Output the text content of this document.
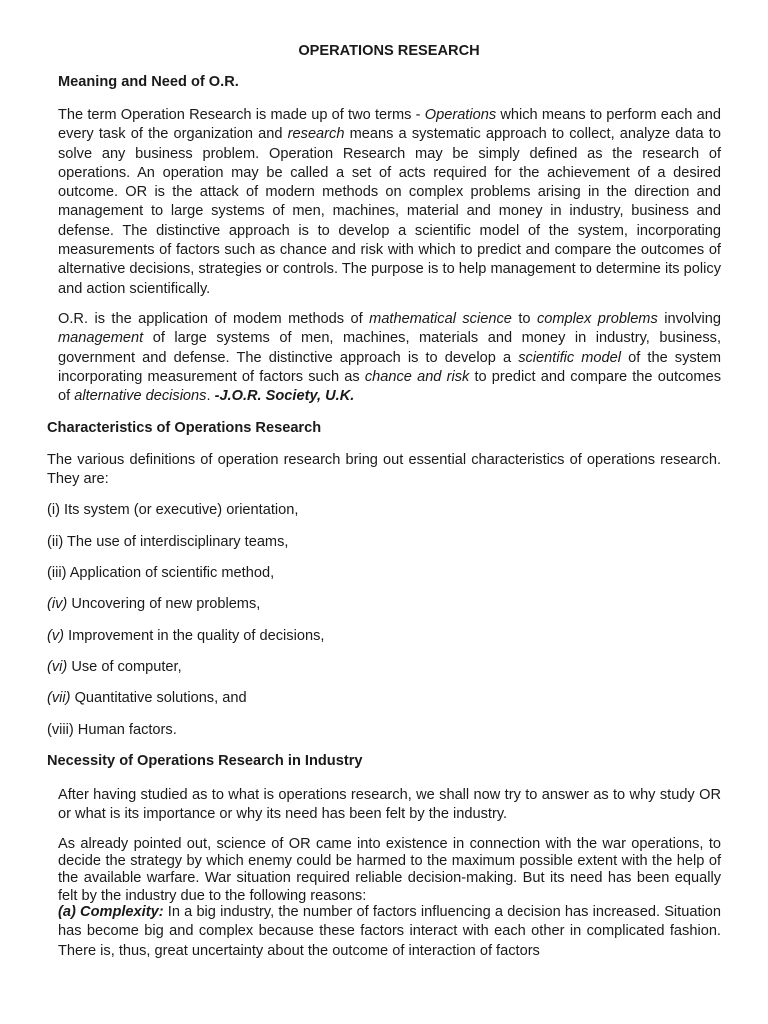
OPERATIONS RESEARCH
Meaning and Need of O.R.
The term Operation Research is made up of two terms - Operations which means to perform each and every task of the organization and research means a systematic approach to collect, analyze data to solve any business problem. Operation Research may be simply defined as the research of operations. An operation may be called a set of acts required for the achievement of a desired outcome. OR is the attack of modern methods on complex problems arising in the direction and management to large systems of men, machines, material and money in industry, business and defense. The distinctive approach is to develop a scientific model of the system, incorporating measurements of factors such as chance and risk with which to predict and compare the outcomes of alternative decisions, strategies or controls. The purpose is to help management to determine its policy and action scientifically.
O.R. is the application of modem methods of mathematical science to complex problems involving management of large systems of men, machines, materials and money in industry, business, government and defense. The distinctive approach is to develop a scientific model of the system incorporating measurement of factors such as chance and risk to predict and compare the outcomes of alternative decisions. -J.O.R. Society, U.K.
Characteristics of Operations Research
The various definitions of operation research bring out essential characteristics of operations research. They are:
(i) Its system (or executive) orientation,
(ii) The use of interdisciplinary teams,
(iii) Application of scientific method,
(iv) Uncovering of new problems,
(v) Improvement in the quality of decisions,
(vi) Use of computer,
(vii) Quantitative solutions, and
(viii) Human factors.
Necessity of Operations Research in Industry
After having studied as to what is operations research, we shall now try to answer as to why study OR or what is its importance or why its need has been felt by the industry.
As already pointed out, science of OR came into existence in connection with the war operations, to decide the strategy by which enemy could be harmed to the maximum possible extent with the help of the available warfare. War situation required reliable decision-making. But its need has been equally felt by the industry due to the following reasons:
(a) Complexity: In a big industry, the number of factors influencing a decision has increased. Situation has become big and complex because these factors interact with each other in complicated fashion. There is, thus, great uncertainty about the outcome of interaction of factors
